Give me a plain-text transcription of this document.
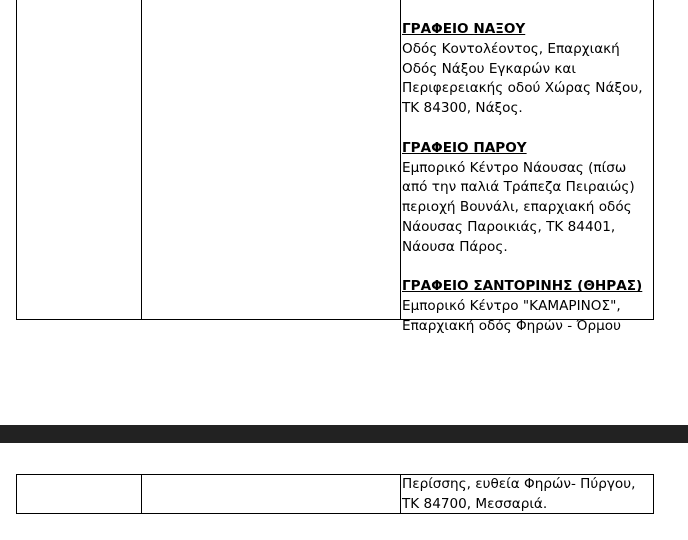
ΓΡΑΦΕΙΟ ΝΑΞΟΥ
Οδός Κοντολέοντος, Επαρχιακή Οδός Νάξου Εγκαρών και Περιφερειακής οδού Χώρας Νάξου, ΤΚ 84300, Νάξος.

ΓΡΑΦΕΙΟ ΠΑΡΟΥ
Εμπορικό Κέντρο Νάουσας (πίσω από την παλιά Τράπεζα Πειραιώς) περιοχή Βουνάλι, επαρχιακή οδός Νάουσας Παροικιάς, ΤΚ 84401, Νάουσα Πάρος.

ΓΡΑΦΕΙΟ ΣΑΝΤΟΡΙΝΗΣ (ΘΗΡΑΣ)
Εμπορικό Κέντρο "ΚΑΜΑΡΙΝΟΣ", Επαρχιακή οδός Φηρών - Όρμου

Περίσσης, ευθεία Φηρών- Πύργου, ΤΚ 84700, Μεσσαριά.
